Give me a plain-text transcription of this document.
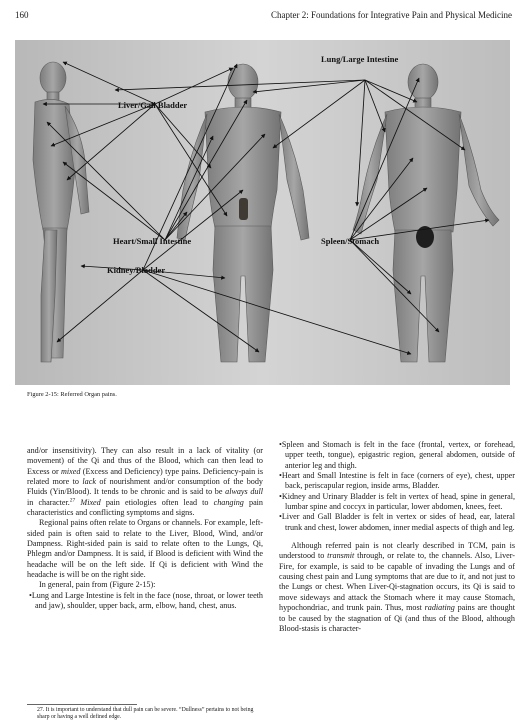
160	Chapter 2: Foundations for Integrative Pain and Physical Medicine
Liver/Gall Bladder
Lung/Large Intestine
Heart/Small Intestine	Spleen/Stomach
Kidney/Bladder
Figure 2-15: Referred Organ pains.

and/or insensitivity). They can also result in a lack of vitality (or movement) of the Qi and thus of the Blood, which can then lead to Excess or mixed (Excess and Deficiency) type pains. Deficiency-pain is related more to lack of nourishment and/or consumption of the body Fluids (Yin/Blood). It tends to be chronic and is said to be always dull in character.$^{27}$ Mixed pain etiologies often lead to changing pain characteristics and conflicting symptoms and signs.

Regional pains often relate to Organs or channels. For example, left-sided pain is often said to relate to the Liver, Blood, Wind, and/or Dampness. Right-sided pain is said to relate often to the Lungs, Qi, Phlegm and/or Dampness. It is said, if Blood is deficient with Wind the headache will be on the left side. If Qi is deficient with Wind the headache is will be on the right side.

In general, pain from (Figure 2-15):

•Lung and Large Intestine is felt in the face (nose, throat, or lower teeth and jaw), shoulder, upper back, arm, elbow, hand, chest, anus.

27. It is important to understand that dull pain can be severe. “Dullness” pertains to not being sharp or having a well defined edge.

•Spleen and Stomach is felt in the face (frontal, vertex, or forehead, upper teeth, tongue), epigastric region, general abdomen, outside of anterior leg and thigh.

•Heart and Small Intestine is felt in face (corners of eye), chest, upper back, periscapular region, inside arms, Bladder.

•Kidney and Urinary Bladder is felt in vertex of head, spine in general, lumbar spine and coccyx in particular, lower abdomen, knees, feet.

•Liver and Gall Bladder is felt in vertex or sides of head, ear, lateral trunk and chest, lower abdomen, inner medial aspects of thigh and leg.

Although referred pain is not clearly described in TCM, pain is understood to transmit through, or relate to, the channels. Also, Liver-Fire, for example, is said to be capable of invading the Lungs and of causing chest pain and Lung symptoms that are due to it, and not just to the Lungs or chest. When Liver-Qi-stagnation occurs, its Qi is said to move sideways and attack the Stomach where it may cause Stomach, hypochondriac, and trunk pain. Thus, most radiating pains are thought to be caused by the stagnation of Qi (and thus of the Blood, although Blood-stasis is character-
